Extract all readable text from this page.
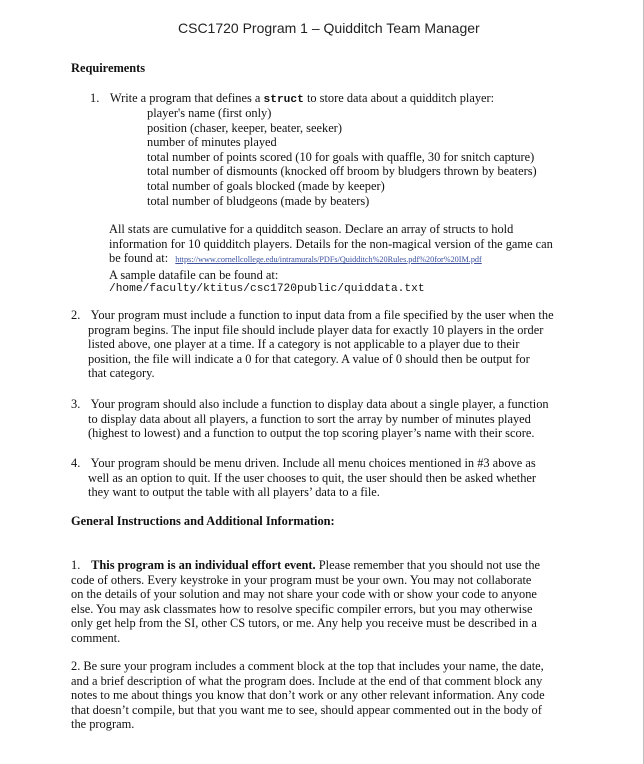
CSC1720 Program 1 – Quidditch Team Manager
Requirements
1. Write a program that defines a struct to store data about a quidditch player:
player's name (first only)
position (chaser, keeper, beater, seeker)
number of minutes played
total number of points scored (10 for goals with quaffle, 30 for snitch capture)
total number of dismounts (knocked off broom by bludgers thrown by beaters)
total number of goals blocked (made by keeper)
total number of bludgeons (made by beaters)
All stats are cumulative for a quidditch season. Declare an array of structs to hold
information for 10 quidditch players. Details for the non-magical version of the game can
be found at: https://www.cornellcollege.edu/intramurals/PDFs/Quidditch%20Rules.pdf%20for%20IM.pdf
A sample datafile can be found at:
/home/faculty/ktitus/csc1720public/quiddata.txt
2. Your program must include a function to input data from a file specified by the user when the
program begins. The input file should include player data for exactly 10 players in the order
listed above, one player at a time. If a category is not applicable to a player due to their
position, the file will indicate a 0 for that category. A value of 0 should then be output for
that category.
3. Your program should also include a function to display data about a single player, a function
to display data about all players, a function to sort the array by number of minutes played
(highest to lowest) and a function to output the top scoring player’s name with their score.
4. Your program should be menu driven. Include all menu choices mentioned in #3 above as
well as an option to quit. If the user chooses to quit, the user should then be asked whether
they want to output the table with all players’ data to a file.
General Instructions and Additional Information:
1. This program is an individual effort event. Please remember that you should not use the
code of others. Every keystroke in your program must be your own. You may not collaborate
on the details of your solution and may not share your code with or show your code to anyone
else. You may ask classmates how to resolve specific compiler errors, but you may otherwise
only get help from the SI, other CS tutors, or me. Any help you receive must be described in a
comment.
2. Be sure your program includes a comment block at the top that includes your name, the date,
and a brief description of what the program does. Include at the end of that comment block any
notes to me about things you know that don’t work or any other relevant information. Any code
that doesn’t compile, but that you want me to see, should appear commented out in the body of
the program.
